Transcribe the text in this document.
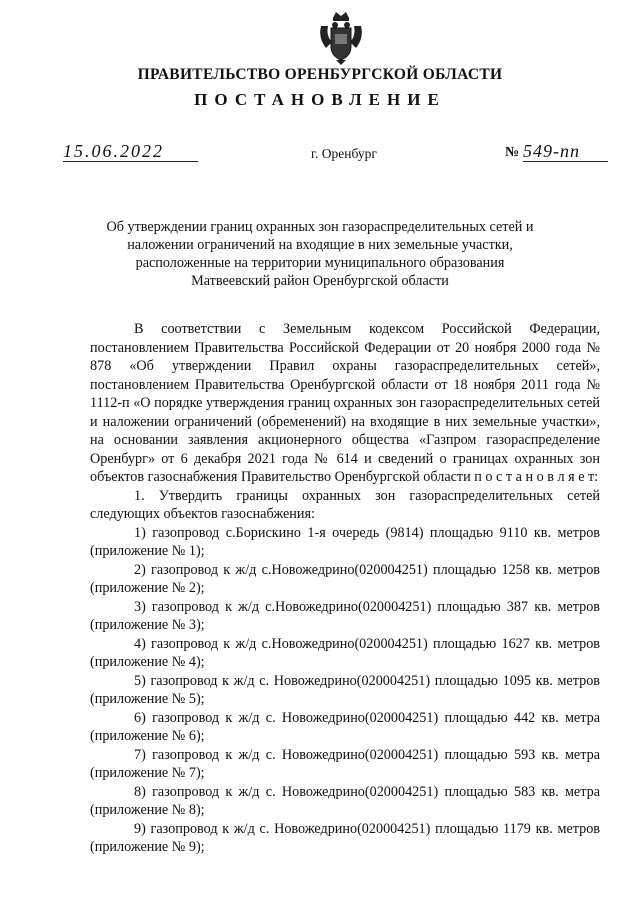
ПРАВИТЕЛЬСТВО ОРЕНБУРГСКОЙ ОБЛАСТИ
ПОСТАНОВЛЕНИЕ
15.06.2022	г. Оренбург	№ 549-пп
Об утверждении границ охранных зон газораспределительных сетей и наложении ограничений на входящие в них земельные участки, расположенные на территории муниципального образования Матвеевский район Оренбургской области

В соответствии с Земельным кодексом Российской Федерации, постановлением Правительства Российской Федерации от 20 ноября 2000 года № 878 «Об утверждении Правил охраны газораспределительных сетей», постановлением Правительства Оренбургской области от 18 ноября 2011 года № 1112-п «О порядке утверждения границ охранных зон газораспределительных сетей и наложении ограничений (обременений) на входящие в них земельные участки», на основании заявления акционерного общества «Газпром газораспределение Оренбург» от 6 декабря 2021 года № 614 и сведений о границах охранных зон объектов газоснабжения Правительство Оренбургской области п о с т а н о в л я е т:

1. Утвердить границы охранных зон газораспределительных сетей следующих объектов газоснабжения:

1) газопровод с.Борискино 1-я очередь (9814) площадью 9110 кв. метров (приложение № 1);

2) газопровод к ж/д с.Новожедрино(020004251) площадью 1258 кв. метров (приложение № 2);

3) газопровод к ж/д с.Новожедрино(020004251) площадью 387 кв. метров (приложение № 3);

4) газопровод к ж/д с.Новожедрино(020004251) площадью 1627 кв. метров (приложение № 4);

5) газопровод к ж/д с. Новожедрино(020004251) площадью 1095 кв. метров (приложение № 5);

6) газопровод к ж/д с. Новожедрино(020004251) площадью 442 кв. метра (приложение № 6);

7) газопровод к ж/д с. Новожедрино(020004251) площадью 593 кв. метра (приложение № 7);

8) газопровод к ж/д с. Новожедрино(020004251) площадью 583 кв. метра (приложение № 8);

9) газопровод к ж/д с. Новожедрино(020004251) площадью 1179 кв. метров (приложение № 9);
